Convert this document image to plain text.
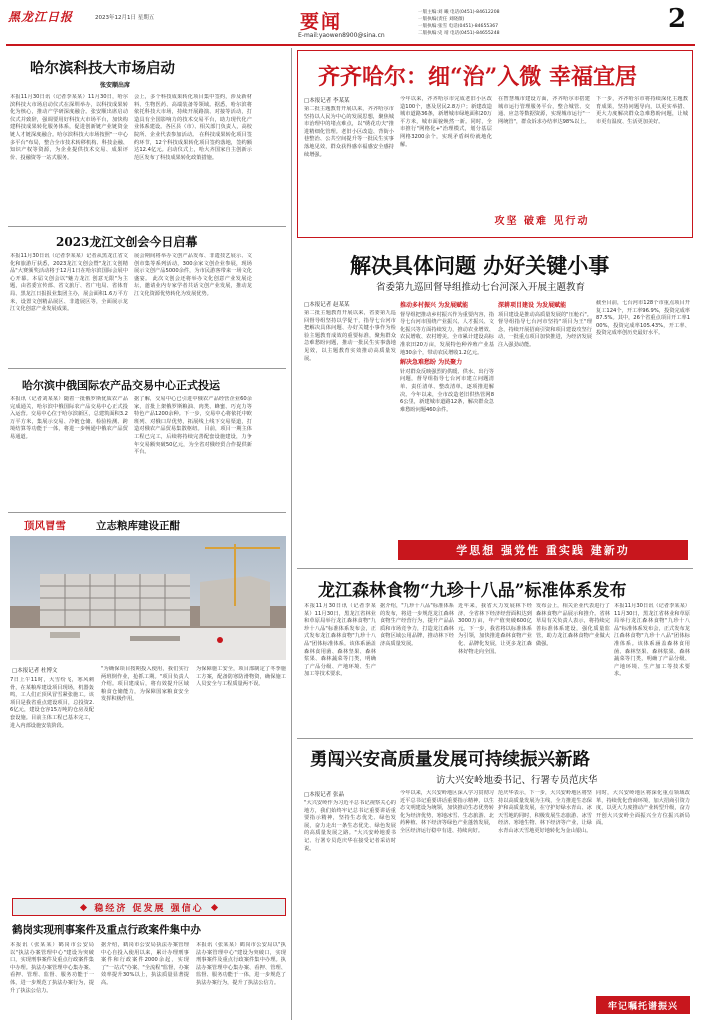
黑龙江日报	2023年12月1日 星期五	要闻
E-mail:yaowen8900@sina.cn
一版主编:刘 曦 电话(0451)-84612208
一版执编(责任 刘晓薇)
一版执编:张雪 电话(0451)-84655367
二版执编:史 靖 电话(0451)-84655248	2
哈尔滨科技大市场启动
张安顺出席
本报11月30日讯（记者李某某）11月30日，哈尔滨科技大市场启动仪式在深圳举办，以科技成果转化为核心，推动产学研深度融合。张安顺出席启动仪式并致辞，强调要用好科技大市场平台，加快构建科技成果转化服务体系，促进创新链产业链资金链人才链深度融合。哈尔滨科技大市场按照"一中心多平台"布局，整合全市技术转移机构、科技金融、知识产权等资源，为企业提供技术交易、成果评价、投融资等一站式服务。
会上，多个科技成果转化项目集中签约，涉及新材料、生物医药、高端装备等领域。据悉，哈尔滨将依托科技大市场，持续开展路演、对接等活动，打造具有全国影响力的技术交易平台，助力现代化产业体系建设。各区县（市）、相关部门负责人，高校院所、企业代表参加活动。 在科技成果转化项目签约环节，12个科技成果转化项目签约落地，签约额达12.4亿元。启动仪式上，哈大齐国家自主创新示范区发布了科技成果转化政策措施。
2023龙江文创会今日启幕
本报11月30日讯（记者李某某）记者从黑龙江省文化和旅游厅获悉，2023龙江文创会暨"龙江文创精品"大赛颁奖活动将于12月1日在哈尔滨国际会展中心开幕。本届文创会以"魅力龙江 创意无限"为主题，由省委宣传部、省文旅厅、省广电局、省体育局、黑龙江日报报业集团主办，展会面积1.6万平方米，设置文创精品展区、非遗展区等，全面展示龙江文化创意产业发展成果。
展会期间将举办文创产品发布、非遗技艺展示、文创市集等系列活动，300余家文创企业参展，现场展示文创产品5000余件，为市民游客带来一场文化盛宴。 此次文创会还将举办文化创意产业发展论坛，邀请业内专家学者共话文创产业发展，推动龙江文化资源优势转化为发展优势。
哈尔滨中俄国际农产品交易中心正式投运
本报讯（记者刘某某）随着一批俄罗斯优质农产品完成通关，哈尔滨中俄国际农产品交易中心正式投入运营。交易中心位于哈尔滨新区，总建筑面积3.2万平方米，集展示交易、冷链仓储、检验检测、跨境结算等功能于一体，将进一步畅通中俄农产品贸易通道。
据了解，交易中心已引进中俄农产品经营企业60余家，首批上架俄罗斯粮油、肉类、蜂蜜、巧克力等特色产品1200余种。下一步，交易中心将依托中欧班列、对俄口岸优势，拓展线上线下交易渠道，打造对俄农产品贸易集散枢纽。 目前，项目一期主体工程已完工，后续将持续完善配套设施建设，力争年交易额突破50亿元，为全省对俄经贸合作提供新平台。
顶风冒雪	立志粮库建设正酣
□本报记者 杜博文
7日上午11时，大雪纷飞，寒风刺骨，在某粮库建设项目现场，机器轰鸣，工人们正顶风冒雪紧张施工。该项目是我省重点建设项目，总投资2.6亿元，建设仓容15万吨的仓房及配套设施。目前主体工程已基本完工，进入内部设施安装阶段。
"为确保项目按期投入使用，我们实行两班倒作业，抢抓工期。"项目负责人介绍。项目建成后，将有效提升区域粮食仓储能力，为保障国家粮食安全发挥积极作用。
为保障施工安全，项目部制定了冬季施工方案，配备防寒防滑物资，确保施工人员安全与工程质量两不误。
稳经济 促发展 强信心
鹤岗实现刑事案件及重点行政案件集中办
本报讯（张某某）鹤岗市公安局以"执法办案管理中心"建设为突破口，实现刑事案件及重点行政案件集中办理。执法办案管理中心集办案、看押、管理、监督、服务功能于一体，进一步规范了执法办案行为，提升了执法公信力。
据介绍，鹤岗市公安局执法办案管理中心自投入使用以来，累计办理刑事案件和行政案件2000余起，实现了"一站式"办案、"全流程"监督，办案效率提升30%以上，执法质量显著提高。
本报讯（张某某）鹤岗市公安局以"执法办案管理中心"建设为突破口，实现刑事案件及重点行政案件集中办理。执法办案管理中心集办案、看押、管理、监督、服务功能于一体，进一步规范了执法办案行为，提升了执法公信力。
齐齐哈尔：细“治”入微 幸福宜居
□本报记者 李某某
第二批主题教育开展以来，齐齐哈尔市坚持以人民为中心的发展思想，聚焦城市治理中的堵点难点，以"绣花功夫"推进精细化管理。老旧小区改造、背街小巷整治、公共空间提升等一批民生实事落地见效，群众获得感幸福感安全感持续增强。
今年以来，齐齐哈尔市完成老旧小区改造100个，惠及居民2.8万户；新建改造城市道路36条，新增城市绿地面积20万平方米，城市面貌焕然一新。同时，全市推行"网格化+"治理模式，划分基层网格3200余个，实现矛盾纠纷就地化解。
在智慧城市建设方面，齐齐哈尔市搭建城市运行管理服务平台，整合城管、交通、应急等数据资源，实现城市运行"一网统管"，群众诉求办结率达98%以上。
下一步，齐齐哈尔市将持续深化主题教育成果，坚持问题导向，以更实举措、更大力度解决群众急难愁盼问题，让城市更有温度、生活更加美好。
攻坚 破难 见行动
解决具体问题 办好关键小事
省委第九巡回督导组推动七台河深入开展主题教育
□本报记者 赵某某
第二批主题教育开展以来，省委第九巡回督导组坚持以学促干，指导七台河市把解决具体问题、办好关键小事作为检验主题教育成效的重要标准，聚焦群众急难愁盼问题，推动一批民生实事落地见效，以主题教育实效推动高质量发展。
推动多村振兴 为发展赋能
督导组把推动乡村振兴作为重要内容，指导七台河市围绕产业振兴、人才振兴、文化振兴等方面持续发力，推动农业增效、农民增收、农村增美。全市累计建设高标准农田20万亩，发展特色种养殖产业基地30余个，带动农民增收1.2亿元。
解决急难愁盼 为民聚力
针对群众反映强烈的供暖、供水、出行等问题，督导组指导七台河市建立问题清单、责任清单、整改清单，逐项推进解决。今年以来，全市改造老旧供热管网86公里，新建城市道路12条，解决群众急难愁盼问题460余件。
深耕项目建设 为发展赋能
项目建设是推动高质量发展的"压舱石"。督导组指导七台河市坚持"项目为王"理念，持续开展招商引资和项目建设攻坚行动，一批重点项目加快推进，为经济发展注入强劲动能。
截至目前，七台河市128个市重点项目开复工124个，开工率96.9%，投资完成率87.5%。其中，26个省重点项目开工率100%，投资完成率105.43%，开工率、投资完成率创历史最好水平。
学思想 强党性 重实践 建新功
龙江森林食物“九珍十八品”标准体系发布
本报11月30日讯（记者李某某）11月30日，黑龙江省林业和草原局举行龙江森林食物"九珍十八品"标准体系发布会，正式发布龙江森林食物"九珍十八品"团体标准体系。该体系涵盖森林食用菌、森林坚果、森林浆果、森林蔬菜等门类，明确了产品分级、产地环境、生产加工等技术要求。
据介绍，"九珍十八品"标准体系的发布，将进一步规范龙江森林食物生产经营行为，提升产品品质和市场竞争力，打造龙江森林食物区域公用品牌，推动林下经济高质量发展。
近年来，我省大力发展林下经济，全省林下经济经营面积达到3000万亩，年产值突破600亿元。下一步，我省将以标准体系为引领，加快推进森林食物产业化、品牌化发展，让更多龙江森林好物走向全国。
发布会上，相关企业代表进行了森林食物产品展示和推介。省林草局有关负责人表示，将持续完善标准体系建设，强化质量监管，助力龙江森林食物产业做大做强。
本报11月30日讯（记者李某某）11月30日，黑龙江省林业和草原局举行龙江森林食物"九珍十八品"标准体系发布会，正式发布龙江森林食物"九珍十八品"团体标准体系。该体系涵盖森林食用菌、森林坚果、森林浆果、森林蔬菜等门类，明确了产品分级、产地环境、生产加工等技术要求。
勇闯兴安高质量发展可持续振兴新路
访大兴安岭地委书记、行署专员范庆华
□本报记者 张晶
"大兴安岭作为习近平总书记视察关心的地方，我们始终牢记总书记重要讲话重要指示精神，坚持生态优先、绿色发展，奋力走出一条生态优先、绿色发展的高质量发展之路。"大兴安岭地委书记、行署专员范庆华在接受记者采访时说。
今年以来，大兴安岭地区深入学习贯彻习近平总书记重要讲话重要指示精神，以生态文明建设为统领，加快推动生态优势转化为经济优势，寒地冰雪、生态旅游、北药种植、林下经济等绿色产业蓬勃发展，全区经济运行稳中有进、持续向好。
范庆华表示，下一步，大兴安岭地区将坚持以高质量发展为主线，全力推进生态保护和高质量发展，在守护好绿水青山、冰天雪地的同时，积极发展生态旅游、冰雪经济、寒地生物、林下经济等产业，让绿水青山冰天雪地更好地转化为金山银山。
同时，大兴安岭地区将深化重点领域改革，持续优化营商环境，加大招商引资力度，以更大力度推动产业转型升级，奋力开创大兴安岭全面振兴全方位振兴新局面。
牢记嘱托谱振兴
